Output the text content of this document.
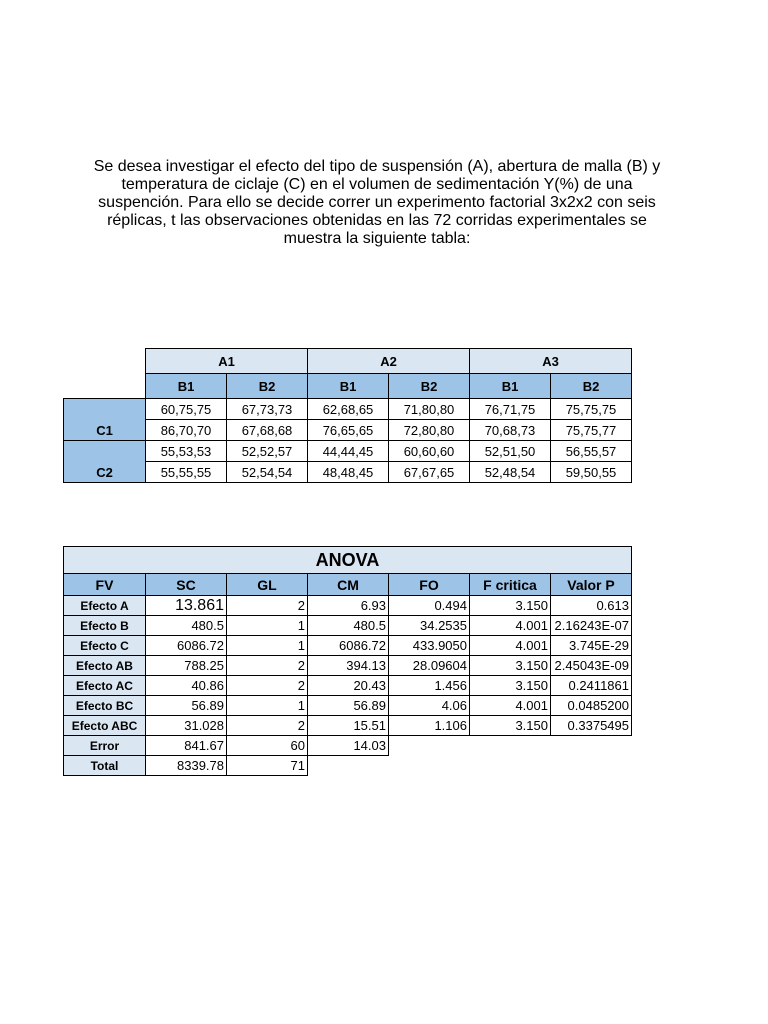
Se desea investigar el efecto del tipo de suspensión (A), abertura de malla (B) y

temperatura de ciclaje (C) en el volumen de sedimentación Y(%) de una

suspención. Para ello se decide correr un experimento factorial 3x2x2 con seis

réplicas, t las observaciones obtenidas en las 72 corridas experimentales se

muestra la siguiente tabla:

	A1		A2		A3	
	B1	B2	B1	B2	B1	B2
C1	60,75,75	67,73,73	62,68,65	71,80,80	76,71,75	75,75,75
	86,70,70	67,68,68	76,65,65	72,80,80	70,68,73	75,75,77
C2	55,53,53	52,52,57	44,44,45	60,60,60	52,51,50	56,55,57
	55,55,55	52,54,54	48,48,45	67,67,65	52,48,54	59,50,55
ANOVA						
FV	SC	GL	CM	FO	F critica	Valor P
Efecto A	13.861	2	6.93	0.494	3.150	0.613
Efecto B	480.5	1	480.5	34.2535	4.001	2.16243E-07
Efecto C	6086.72	1	6086.72	433.9050	4.001	3.745E-29
Efecto AB	788.25	2	394.13	28.09604	3.150	2.45043E-09
Efecto AC	40.86	2	20.43	1.456	3.150	0.2411861
Efecto BC	56.89	1	56.89	4.06	4.001	0.0485200
Efecto ABC	31.028	2	15.51	1.106	3.150	0.3375495
Error	841.67	60	14.03			
Total	8339.78	71				
